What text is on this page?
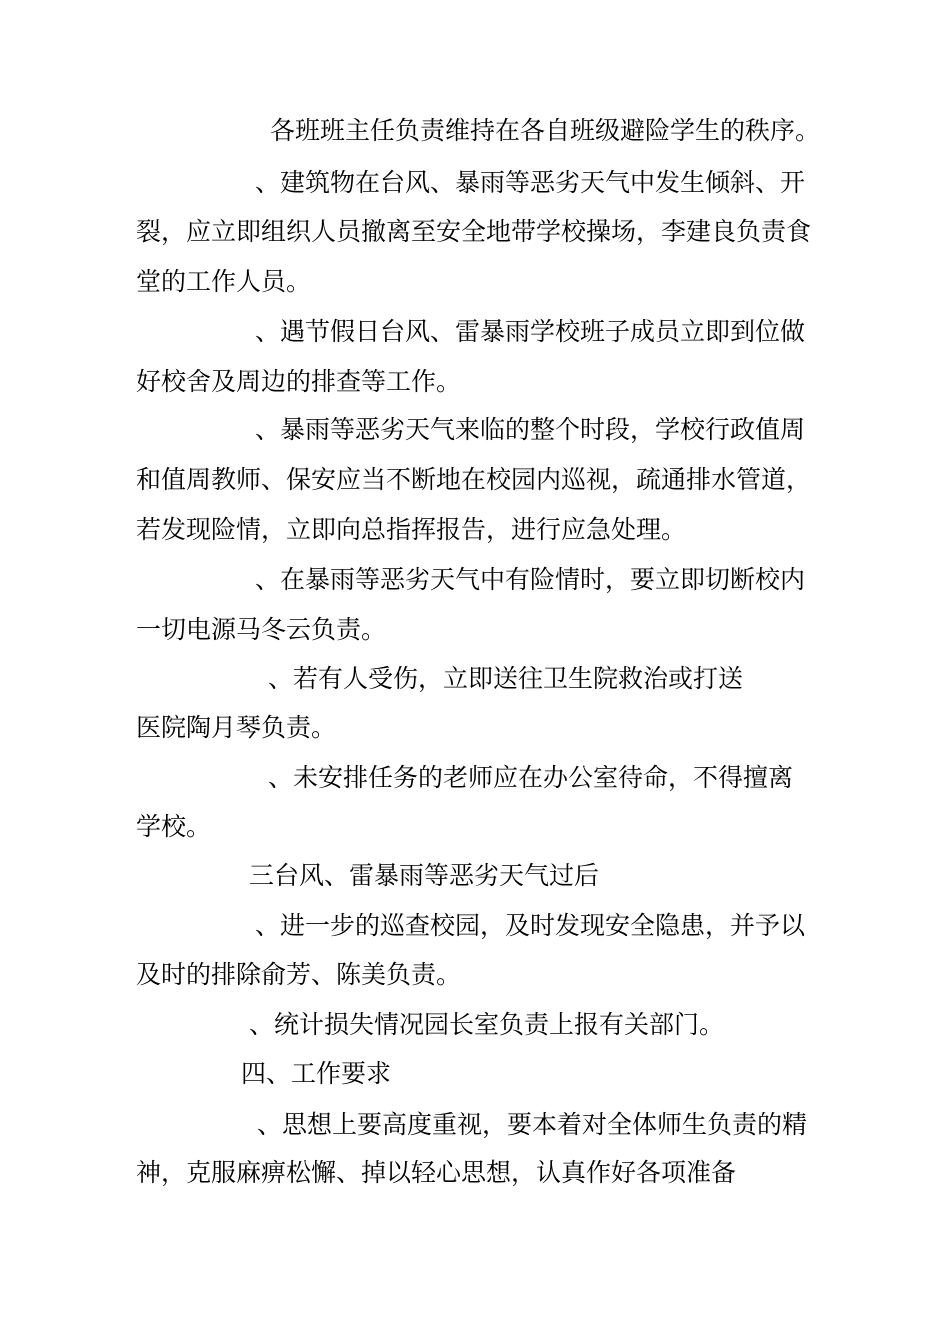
各班班主任负责维持在各自班级避险学生的秩序。
、建筑物在台风、暴雨等恶劣天气中发生倾斜、开
裂，应立即组织人员撤离至安全地带学校操场，李建良负责食
堂的工作人员。
、遇节假日台风、雷暴雨学校班子成员立即到位做
好校舍及周边的排查等工作。
、暴雨等恶劣天气来临的整个时段，学校行政值周
和值周教师、保安应当不断地在校园内巡视，疏通排水管道，
若发现险情，立即向总指挥报告，进行应急处理。
、在暴雨等恶劣天气中有险情时，要立即切断校内
一切电源马冬云负责。
、若有人受伤，立即送往卫生院救治或打送
医院陶月琴负责。
、未安排任务的老师应在办公室待命，不得擅离
学校。
三台风、雷暴雨等恶劣天气过后
、进一步的巡查校园，及时发现安全隐患，并予以
及时的排除俞芳、陈美负责。
、统计损失情况园长室负责上报有关部门。
四、工作要求
、思想上要高度重视，要本着对全体师生负责的精
神，克服麻痹松懈、掉以轻心思想，认真作好各项准备
